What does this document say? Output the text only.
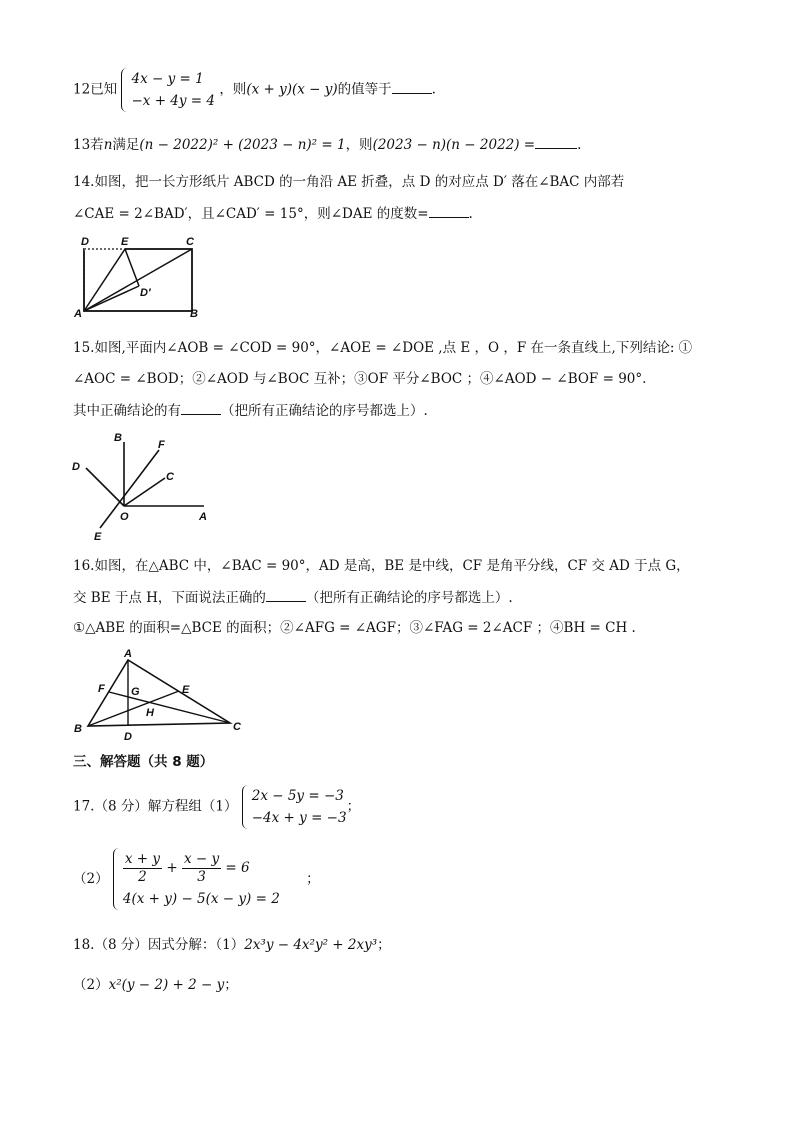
12已知
4x − y = 1
−x + 4y = 4 ，则(x + y)(x − y)的值等于	.
13若n满足(n − 2022)² + (2023 − n)² = 1，则(2023 − n)(n − 2022) =	.
14.如图，把一长方形纸片 ABCD 的一角沿 AE 折叠，点 D 的对应点 D′ 落在∠BAC 内部若
∠CAE = 2∠BAD′，且∠CAD′ = 15°，则∠DAE 的度数=	.
D	E	C
D′
A	B
15.如图,平面内∠AOB = ∠COD = 90°，∠AOE = ∠DOE ,点 E ，O ，F 在一条直线上,下列结论: ①
∠AOC = ∠BOD；②∠AOD 与∠BOC 互补；③OF 平分∠BOC ；④∠AOD − ∠BOF = 90°.
其中正确结论的有	（把所有正确结论的序号都选上）.
B
F
C
D
O	A
E
16.如图，在△ABC 中，∠BAC = 90°，AD 是高，BE 是中线，CF 是角平分线，CF 交 AD 于点 G，
交 BE 于点 H，下面说法正确的	（把所有正确结论的序号都选上）.
①△ABE 的面积=△BCE 的面积；②∠AFG = ∠AGF；③∠FAG = 2∠ACF ；④BH = CH .
A
F G	E
H
B
D
C
三、解答题（共 8 题）
17.（8 分）解方程组（1）
2x − 5y = −3
−4x + y = −3；
$(2) \frac{x + y}{2} + \frac{x - y}{3} = 6$
4(x + y) − 5(x − y) = 2 ；
18.（8 分）因式分解：（1）2x³y − 4x²y² + 2xy³；
（2）x²(y − 2) + 2 − y；
